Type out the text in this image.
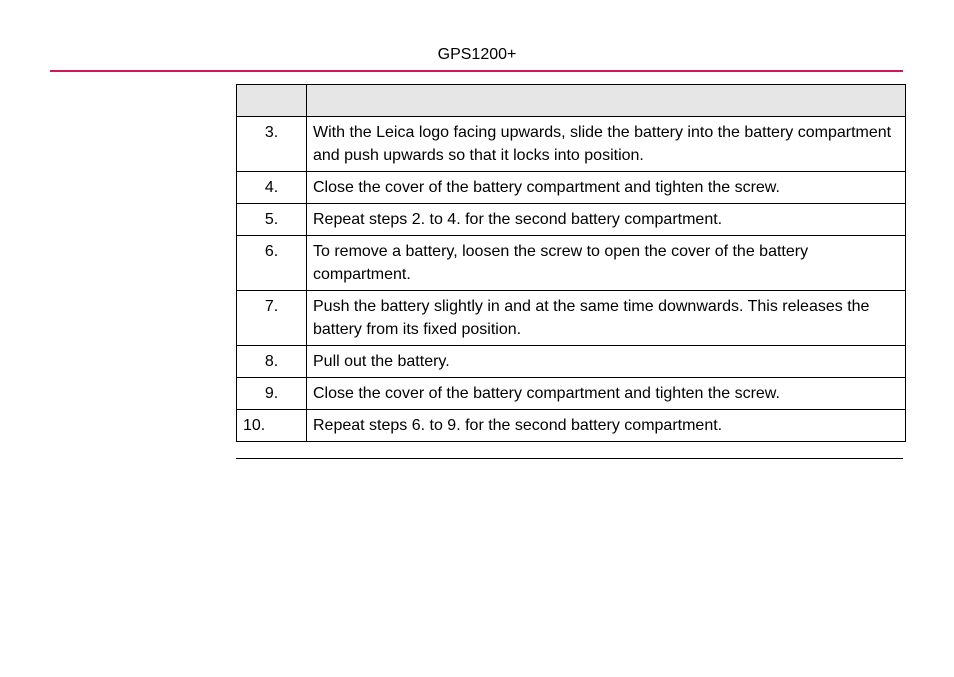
GPS1200+

3.	With the Leica logo facing upwards, slide the battery into the battery compartment and push upwards so that it locks into position.
4.	Close the cover of the battery compartment and tighten the screw.
5.	Repeat steps 2. to 4. for the second battery compartment.
6.	To remove a battery, loosen the screw to open the cover of the battery compartment.
7.	Push the battery slightly in and at the same time downwards. This releases the battery from its fixed position.
8.	Pull out the battery.
9.	Close the cover of the battery compartment and tighten the screw.
10.	Repeat steps 6. to 9. for the second battery compartment.
